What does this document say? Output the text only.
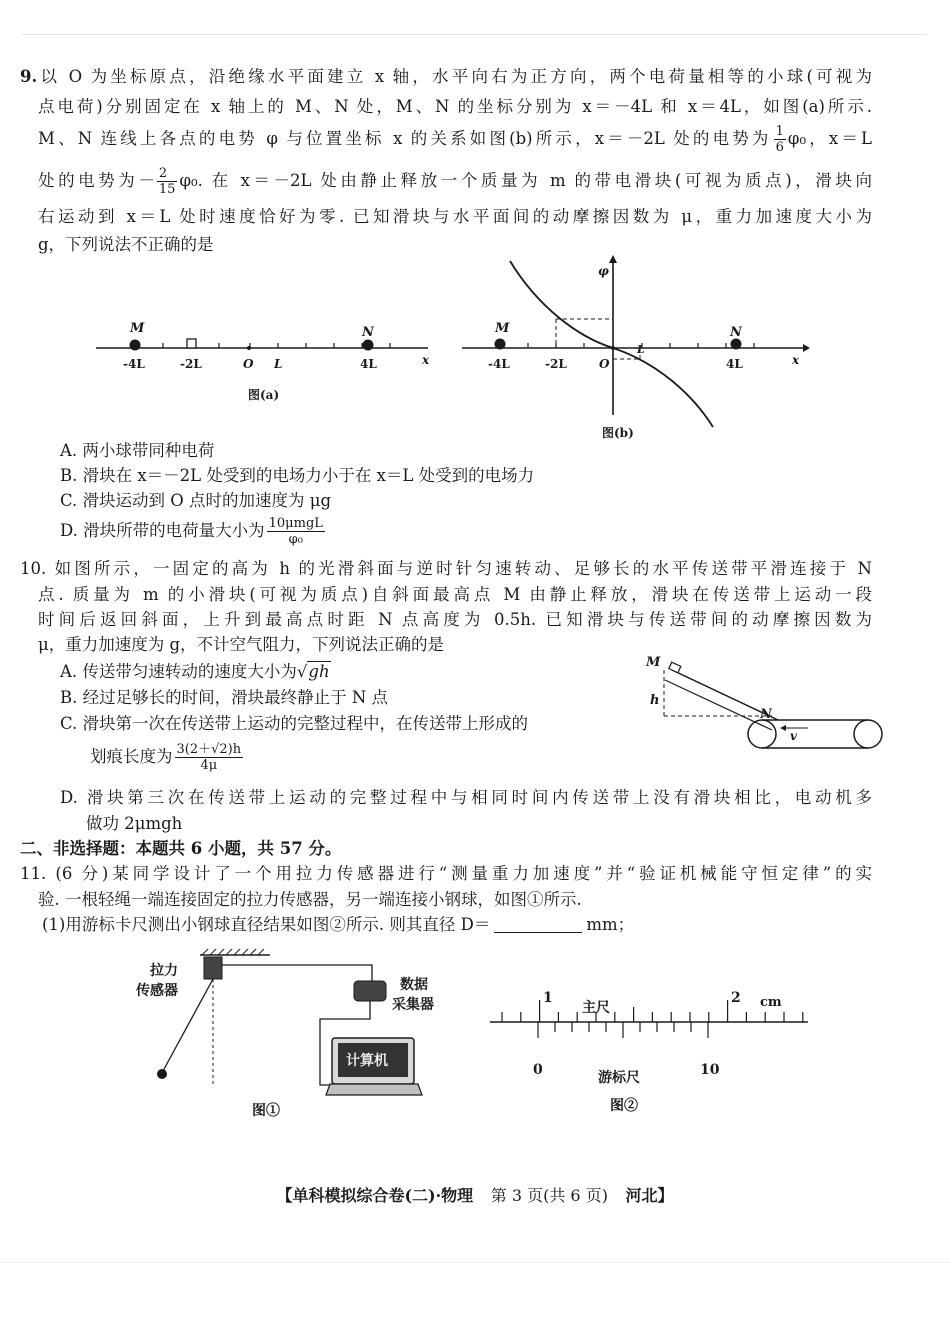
9.以 O 为坐标原点，沿绝缘水平面建立 x 轴，水平向右为正方向，两个电荷量相等的小球(可视为
点电荷)分别固定在 x 轴上的 M、N 处，M、N 的坐标分别为 x＝－4L 和 x＝4L，如图(a)所示.
M、N 连线上各点的电势 φ 与位置坐标 x 的关系如图(b)所示，x＝－2L 处的电势为 $\frac{1}{6} \varphi_0$，x＝L
处的电势为－ $\frac{2}{15} \varphi_0$. 在 x＝－2L 处由静止释放一个质量为 m 的带电滑块(可视为质点)，滑块向
右运动到 x＝L 处时速度恰好为零. 已知滑块与水平面间的动摩擦因数为 μ，重力加速度大小为
g，下列说法不正确的是
M	N
-4L	-2L	O L	4L	x
图(a)
φ
M	N
-4L	-2L	O
L
4L	x
图(b)
A. 两小球带同种电荷
B. 滑块在 x＝－2L 处受到的电场力小于在 x＝L 处受到的电场力
C. 滑块运动到 O 点时的加速度为 μg
D. 滑块所带的电荷量大小为 $\frac{\text{10μmgL}}{\text{φ₀}}$
10. 如图所示，一固定的高为 h 的光滑斜面与逆时针匀速转动、足够长的水平传送带平滑连接于 N
点. 质量为 m 的小滑块(可视为质点)自斜面最高点 M 由静止释放，滑块在传送带上运动一段
时间后返回斜面，上升到最高点时距 N 点高度为 0.5h. 已知滑块与传送带间的动摩擦因数为
μ，重力加速度为 g，不计空气阻力，下列说法正确的是
A. 传送带匀速转动的速度大小为√gh
B. 经过足够长的时间，滑块最终静止于 N 点
C. 滑块第一次在传送带上运动的完整过程中，在传送带上形成的
划痕长度为 $\frac{3(2+√2)h}{4\mu}$
D. 滑块第三次在传送带上运动的完整过程中与相同时间内传送带上没有滑块相比，电动机多
做功 2μmgh
M
h
N
v
二、非选择题：本题共 6 小题，共 57 分。
11. (6 分)某同学设计了一个用拉力传感器进行“测量重力加速度”并“验证机械能守恒定律”的实
验. 一根轻绳一端连接固定的拉力传感器，另一端连接小钢球，如图①所示.
(1)用游标卡尺测出小钢球直径结果如图②所示. 则其直径 D＝	mm；
拉力
传感器	数据
采集器
计算机
图①
1	2 cm
主尺
0	10
游标尺
图②
【单科模拟综合卷(二)·物理 第 3 页(共 6 页) 河北】
